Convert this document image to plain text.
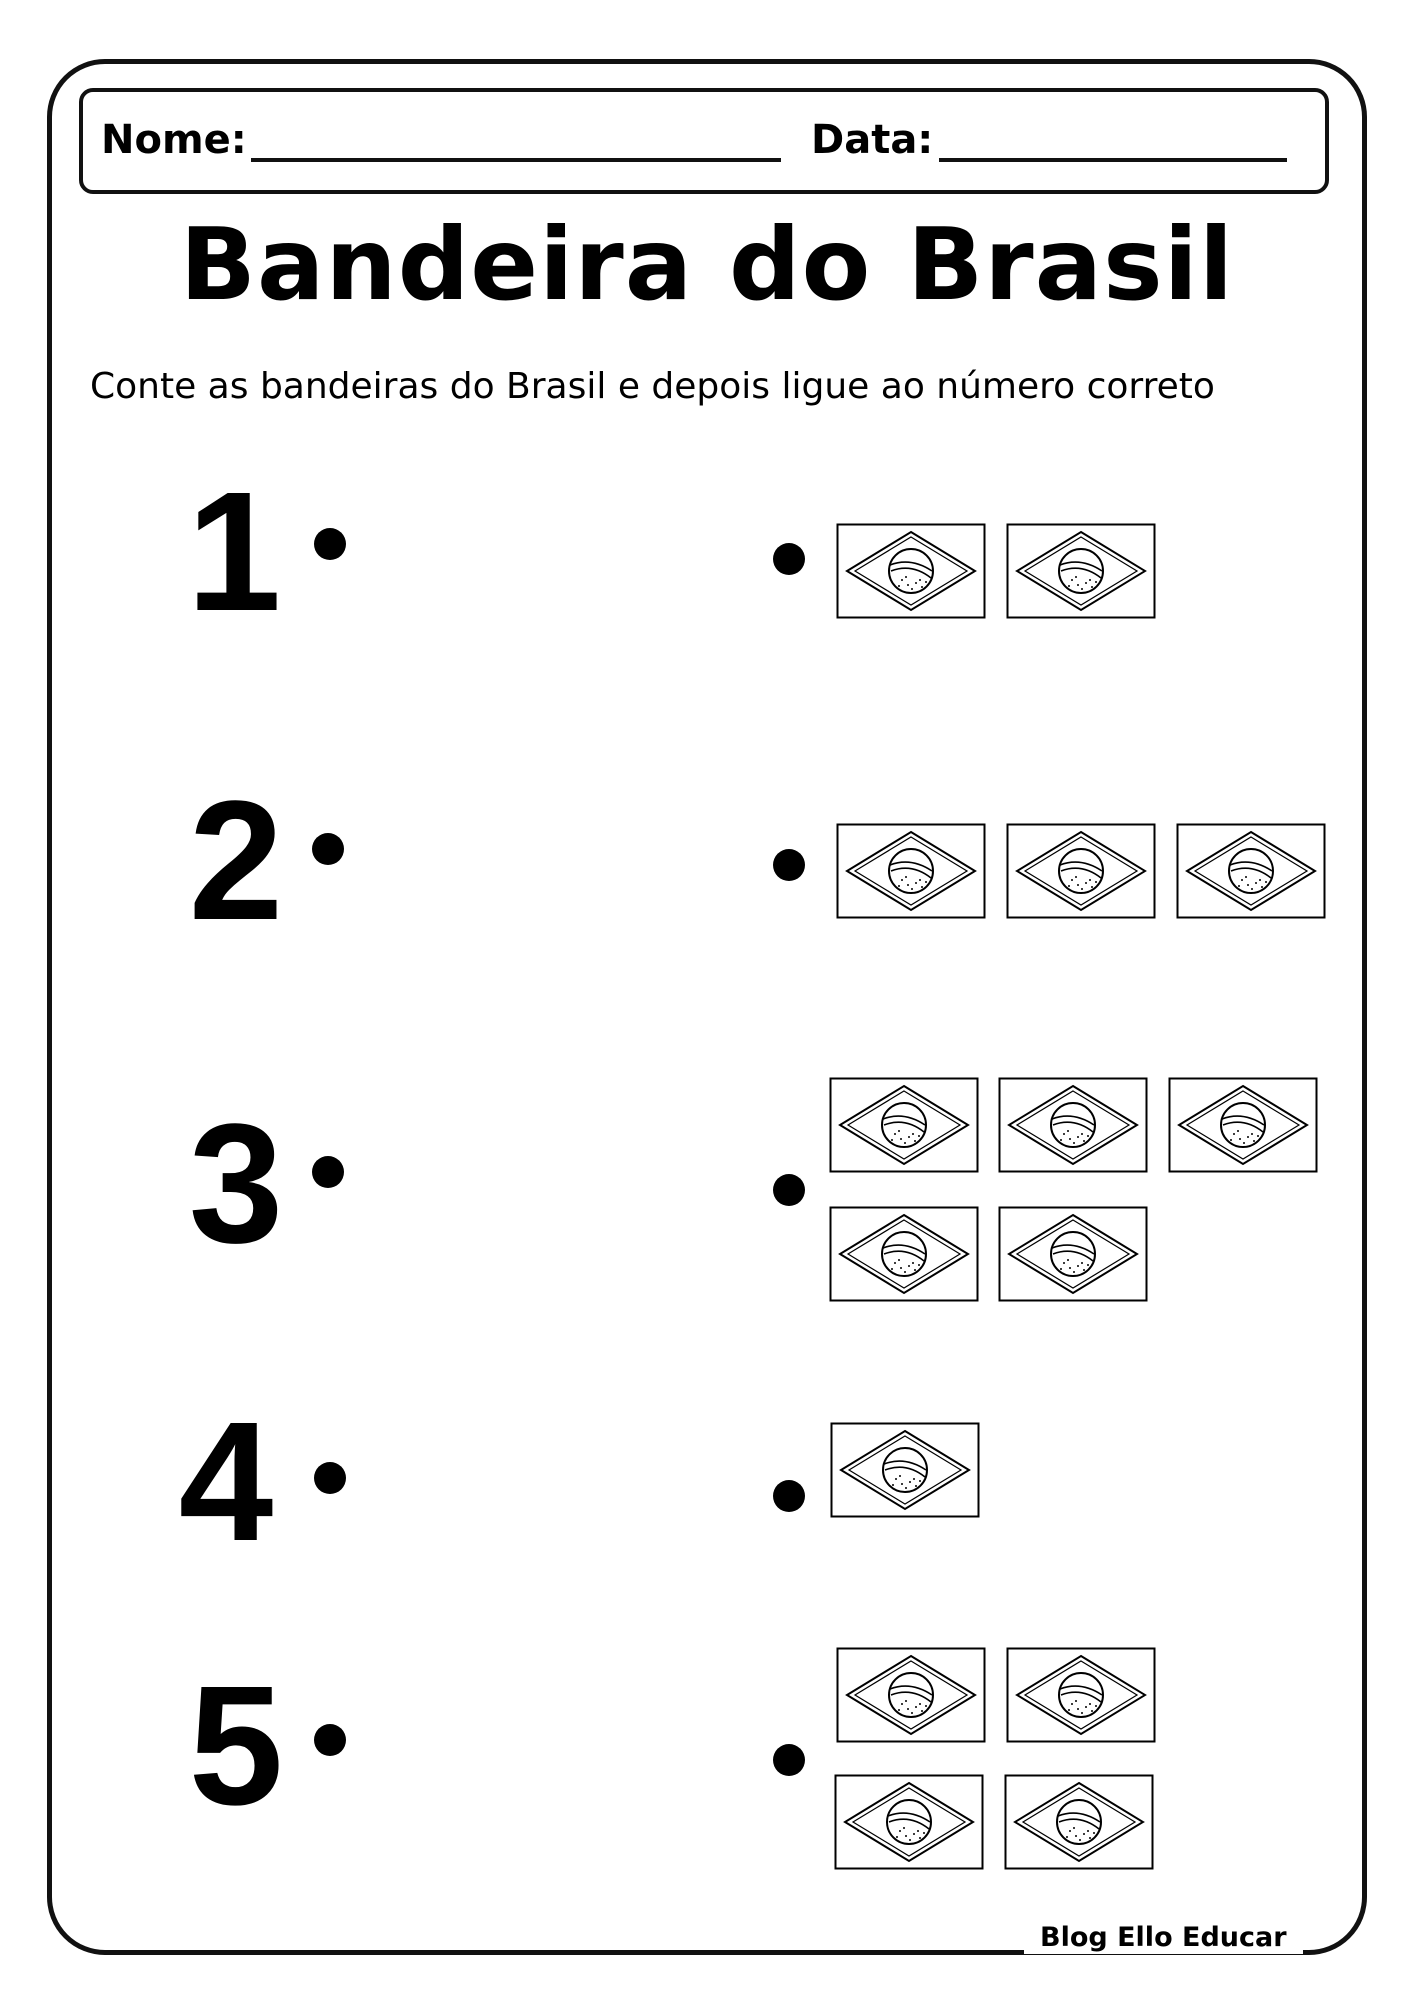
Nome:	Data:
Bandeira do Brasil
Conte as bandeiras do Brasil e depois ligue ao número correto
1
2
3
4
5
Blog Ello Educar
